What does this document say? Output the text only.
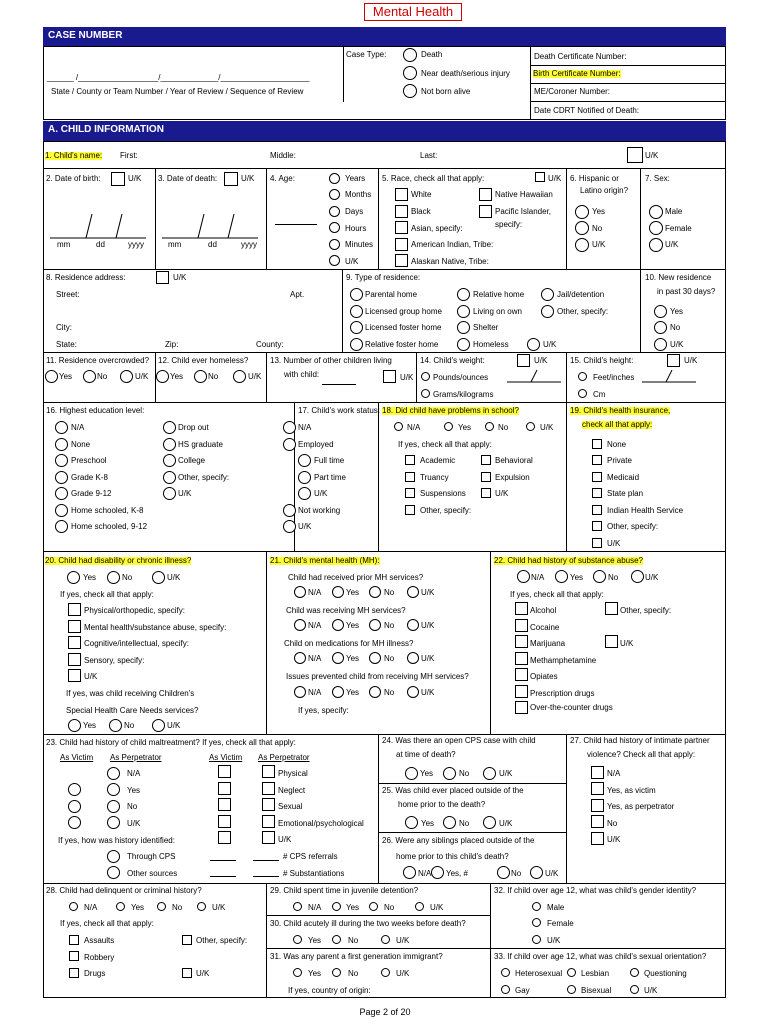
Mental Health
CASE NUMBER
______ /__________________/_____________/____________________
State / County or Team Number / Year of Review / Sequence of Review
Case Type:	Death
Near death/serious injury
Not born alive
Death Certificate Number:
Birth Certificate Number:
ME/Coroner Number:
Date CDRT Notified of Death:
A. CHILD INFORMATION
1. Child's name: First:	Middle:	Last:	U/K
2. Date of birth:	U/K
mm	dd	yyyy
3. Date of death:	U/K
mm	dd	yyyy
4. Age:	Years
Months
Days
Hours
Minutes
U/K
5. Race, check all that apply:	U/K
White
Black
Asian, specify:
American Indian, Tribe:
Alaskan Native, Tribe:
Native Hawaiian
Pacific Islander,
specify:
6. Hispanic or
Latino origin?
Yes
No
U/K
7. Sex:
Male
Female
U/K
8. Residence address:	U/K
Street:	Apt.
City:
State:	Zip:	County:
9. Type of residence:
Parental home
Licensed group home
Licensed foster home
Relative foster home
Relative home
Living on own
Shelter
Homeless
Jail/detention
Other, specify:
U/K
10. New residence
in past 30 days?
Yes
No
U/K
11. Residence overcrowded?
Yes	No	U/K
12. Child ever homeless?
Yes	No	U/K
13. Number of other children living
with child:	U/K
14. Child's weight:	U/K
Pounds/ounces
Grams/kilograms
15. Child's height:	U/K
Feet/inches
Cm
16. Highest education level:
N/A
None
Preschool
Grade K-8
Grade 9-12
Home schooled, K-8
Home schooled, 9-12
Drop out
HS graduate
College
Other, specify:
U/K
17. Child's work status:
N/A
Employed
Full time
Part time
U/K
Not working
U/K
18. Did child have problems in school?
N/A	Yes	No	U/K
If yes, check all that apply:
Academic
Truancy
Suspensions
Other, specify:
Behavioral
Expulsion
U/K
19. Child's health insurance,
check all that apply:
None
Private
Medicaid
State plan
Indian Health Service
Other, specify:
U/K
20. Child had disability or chronic illness?
Yes	No	U/K
If yes, check all that apply:
Physical/orthopedic, specify:
Mental health/substance abuse, specify:
Cognitive/intellectual, specify:
Sensory, specify:
U/K
If yes, was child receiving Children's
Special Health Care Needs services?
Yes	No	U/K
21. Child's mental health (MH):
Child had received prior MH services?
Child was receiving MH services?
Child on medications for MH illness?
Issues prevented child from receiving MH services?
If yes, specify:
N/A	Yes	No	U/K
N/A	Yes	No	U/K
N/A	Yes	No	U/K
N/A	Yes	No	U/K
22. Child had history of substance abuse?
N/A	Yes	No	U/K
If yes, check all that apply:
Alcohol
Cocaine
Marijuana
Methamphetamine
Opiates
Prescription drugs
Over-the-counter drugs
Other, specify:
U/K
23. Child had history of child maltreatment? If yes, check all that apply:
As Victim As Perpetrator	As Victim As Perpetrator
N/A
Yes
No
U/K
If yes, how was history identified:
Through CPS
Other sources
Physical
Neglect
Sexual
Emotional/psychological
U/K
# CPS referrals
# Substantiations
24. Was there an open CPS case with child
at time of death?
Yes	No	U/K
25. Was child ever placed outside of the
home prior to the death?
Yes	No	U/K
26. Were any siblings placed outside of the
home prior to this child's death?
N/A Yes, #	No	U/K
27. Child had history of intimate partner
violence? Check all that apply:
N/A
Yes, as victim
Yes, as perpetrator
No
U/K
28. Child had delinquent or criminal history?
N/A	Yes	No	U/K
If yes, check all that apply:
Assaults
Robbery
Drugs
Other, specify:
U/K
29. Child spent time in juvenile detention?
N/A	Yes	No	U/K
30. Child acutely ill during the two weeks before death?
Yes	No	U/K
31. Was any parent a first generation immigrant?
Yes	No	U/K
If yes, country of origin:
32. If child over age 12, what was child's gender identity?
Male
Female
U/K
33. If child over age 12, what was child's sexual orientation?
Heterosexual Lesbian	Questioning
Gay	Bisexual	U/K
Page 2 of 20
